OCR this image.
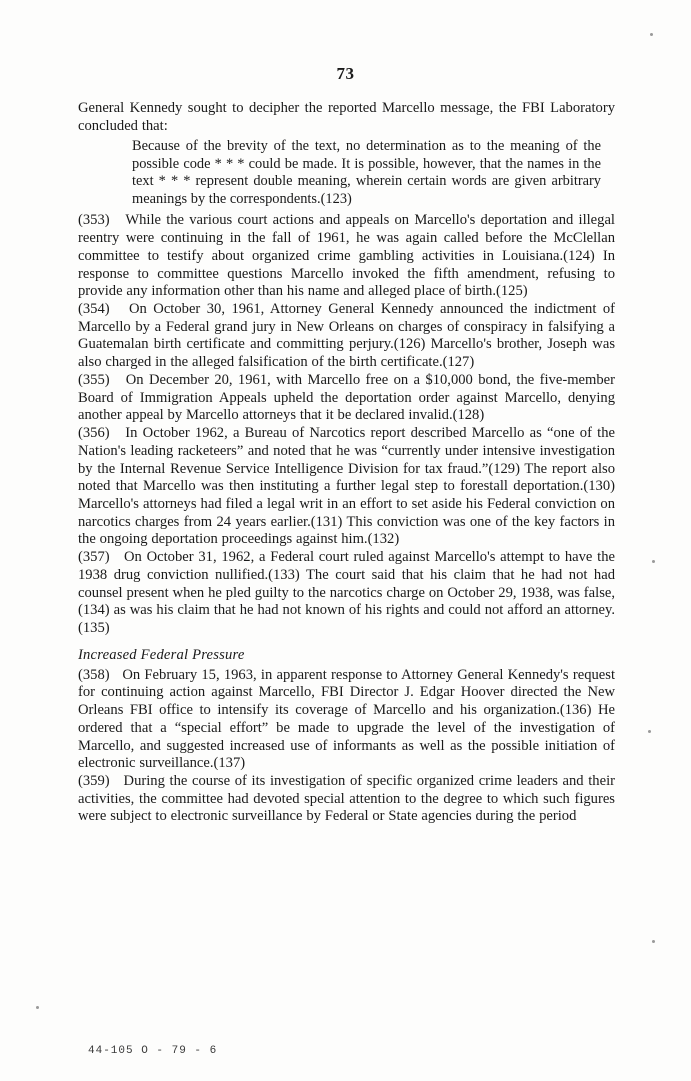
73

General Kennedy sought to decipher the reported Marcello message, the FBI Laboratory concluded that:

Because of the brevity of the text, no determination as to the meaning of the possible code * * * could be made. It is possible, however, that the names in the text * * * represent double meaning, wherein certain words are given arbitrary meanings by the correspondents.(123)

(353) While the various court actions and appeals on Marcello's deportation and illegal reentry were continuing in the fall of 1961, he was again called before the McClellan committee to testify about organized crime gambling activities in Louisiana.(124) In response to committee questions Marcello invoked the fifth amendment, refusing to provide any information other than his name and alleged place of birth.(125)

(354) On October 30, 1961, Attorney General Kennedy announced the indictment of Marcello by a Federal grand jury in New Orleans on charges of conspiracy in falsifying a Guatemalan birth certificate and committing perjury.(126) Marcello's brother, Joseph was also charged in the alleged falsification of the birth certificate.(127)

(355) On December 20, 1961, with Marcello free on a $10,000 bond, the five-member Board of Immigration Appeals upheld the deportation order against Marcello, denying another appeal by Marcello attorneys that it be declared invalid.(128)

(356) In October 1962, a Bureau of Narcotics report described Marcello as “one of the Nation's leading racketeers” and noted that he was “currently under intensive investigation by the Internal Revenue Service Intelligence Division for tax fraud.”(129) The report also noted that Marcello was then instituting a further legal step to forestall deportation.(130) Marcello's attorneys had filed a legal writ in an effort to set aside his Federal conviction on narcotics charges from 24 years earlier.(131) This conviction was one of the key factors in the ongoing deportation proceedings against him.(132)

(357) On October 31, 1962, a Federal court ruled against Marcello's attempt to have the 1938 drug conviction nullified.(133) The court said that his claim that he had not had counsel present when he pled guilty to the narcotics charge on October 29, 1938, was false,(134) as was his claim that he had not known of his rights and could not afford an attorney.(135)

Increased Federal Pressure

(358) On February 15, 1963, in apparent response to Attorney General Kennedy's request for continuing action against Marcello, FBI Director J. Edgar Hoover directed the New Orleans FBI office to intensify its coverage of Marcello and his organization.(136) He ordered that a “special effort” be made to upgrade the level of the investigation of Marcello, and suggested increased use of informants as well as the possible initiation of electronic surveillance.(137)

(359) During the course of its investigation of specific organized crime leaders and their activities, the committee had devoted special attention to the degree to which such figures were subject to electronic surveillance by Federal or State agencies during the period

44-105 O - 79 - 6
